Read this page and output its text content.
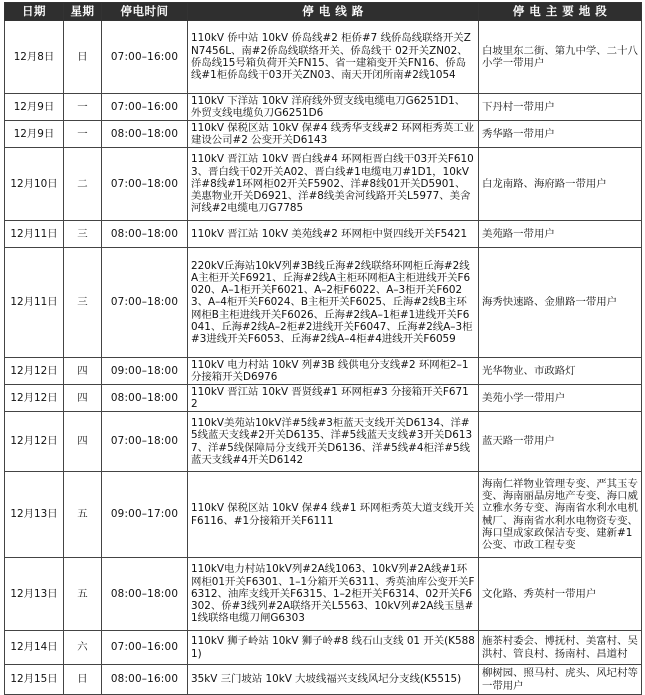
日期	星期	停电时间	停 电 线 路	停 电 主 要 地 段
12月8日	日	07:00–16:00	110kV 侨中站 10kV 侨岛线#2 柜侨#7 线侨岛线联络开关ZN7456L、南#2侨岛线联络开关、侨岛线干 02开关ZN02、侨岛线15号箱负荷开关FN15、省一建箱变开关FN16、侨岛线#1柜侨岛线干03开关ZN03、南天开闭所南#2线1054	白坡里东二街、第九中学、二十八小学一带用户
12月9日	一	07:00–16:00	110kV 下洋站 10kV 洋府线外贸支线电缆电刀G6251D1、外贸支线电缆负刀G6251D6	下丹村一带用户
12月9日	一	08:00–18:00	110kV 保税区站 10kV 保#4 线秀华支线#2 环网柜秀英工业建设公司#2 公变开关D6143	秀华路一带用户
12月10日	二	07:00–18:00	110kV 晋江站 10kV 晋白线#4 环网柜晋白线干03开关F6103、晋白线干02开关A02、晋白线#1电缆电刀#1D1，10kV洋#8线#1环网柜02开关F5902、洋#8线01开关D5901、美惠物业开关D6921、洋#8线美舍河线路开关L5977、美舍河线#2电缆电刀G7785	白龙南路、海府路一带用户
12月11日	三	08:00–18:00	110kV 晋江站 10kV 美苑线#2 环网柜中贤四线开关F5421	美苑路一带用户
12月11日	三	07:00–18:00	220kV丘海站10kV列#3B线丘海#2线联络环网柜丘海#2线A主柜开关F6921、丘海#2线A主柜环网柜A主柜进线开关F6020、A–1柜开关F6021、A–2柜F6022、A–3柜开关F6023、A–4柜开关F6024、B主柜开关F6025、丘海#2线B主环网柜B主柜进线开关F6026、丘海#2线A–1柜#1进线开关F6041、丘海#2线A–2柜#2进线开关F6047、丘海#2线A–3柜#3进线开关F6053、丘海#2线A–4柜#4进线开关F6059	海秀快速路、金鼎路一带用户
12月12日	四	09:00–18:00	110kV 电力村站 10kV 列#3B 线供电分支线#2 环网柜2–1分接箱开关D6976	光华物业、市政路灯
12月12日	四	08:00–18:00	110kV 晋江站 10kV 晋贤线#1 环网柜#3 分接箱开关F6712	美苑小学一带用户
12月12日	四	07:00–18:00	110kV美苑站10kV洋#5线#3柜蓝天支线开关D6134、洋#5线蓝天支线#2开关D6135、洋#5线蓝天支线#3开关D6137、洋#5线保障局分支线开关D6136、洋#5线#4柜洋#5线蓝天支线#4开关D6142	蓝天路一带用户
12月13日	五	09:00–17:00	110kV 保税区站 10kV 保#4 线#1 环网柜秀英大道支线开关F6116、#1分接箱开关F6111	海南仁祥物业管理专变、严其玉专变、海南丽晶房地产专变、海口威立雅水务专变、海南省水利水电机械厂、海南省水利水电物资专变、海口望成家政保洁专变、建新#1公变、市政工程专变
12月13日	五	08:00–18:00	110kV电力村站10kV列#2A线1063、10kV列#2A线#1环网柜01开关F6301、1–1分箱开关6311、秀英油库公变开关F6312、油库支线开关F6315、1–2柜开关F6314、02开关F6302、侨#3线列#2A联络开关L5563、10kV列#2A线玉垦#1线联络电缆刀闸G6303	文化路、秀英村一带用户
12月14日	六	07:00–16:00	110kV 狮子岭站 10kV 狮子岭#8 线石山支线 01 开关(K5881)	施茶村委会、博抚村、美富村、吴洪村、管良村、扬南村、昌道村
12月15日	日	08:00–16:00	35kV 三门坡站 10kV 大坡线福兴支线风圮分支线(K5515)	柳树园、照马村、虎头、风圮村等一带用户
